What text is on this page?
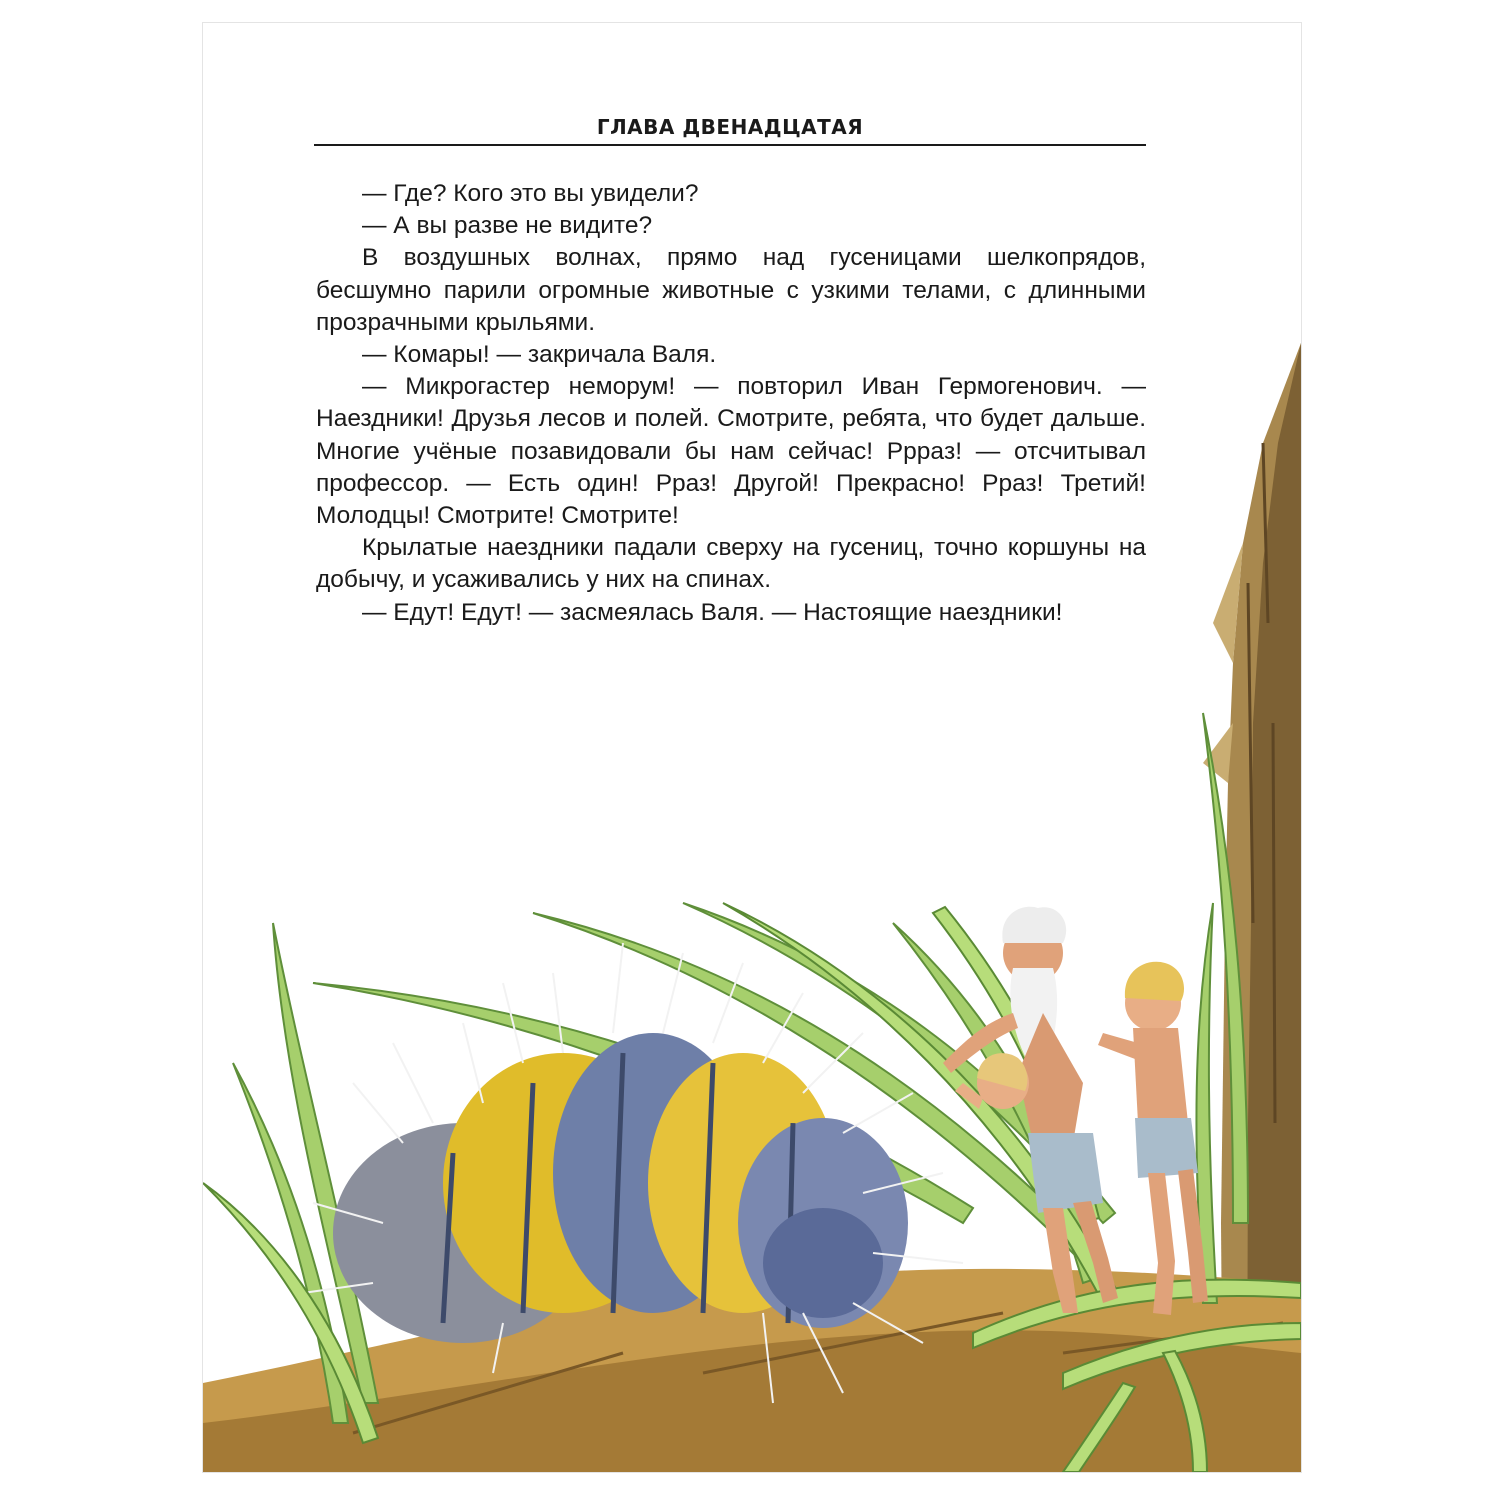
ГЛАВА ДВЕНАДЦАТАЯ

— Где? Кого это вы увидели?

— А вы разве не видите?

В воздушных волнах, прямо над гусеницами шелкопрядов, бесшумно парили огромные животные с узкими телами, с длинными прозрачными крыльями.

— Комары! — закричала Валя.

— Микрогастер неморум! — повторил Иван Гермогенович. — Наездники! Друзья лесов и полей. Смотрите, ребята, что будет дальше. Многие учёные позавидовали бы нам сейчас! Рррaз! — отсчитывал профессор. — Есть один! Рраз! Другой! Прекрасно! Рраз! Третий! Молодцы! Смотрите! Смотрите!

Крылатые наездники падали сверху на гусениц, точно коршуны на добычу, и усаживались у них на спинах.

— Едут! Едут! — засмеялась Валя. — Настоящие наездники!
